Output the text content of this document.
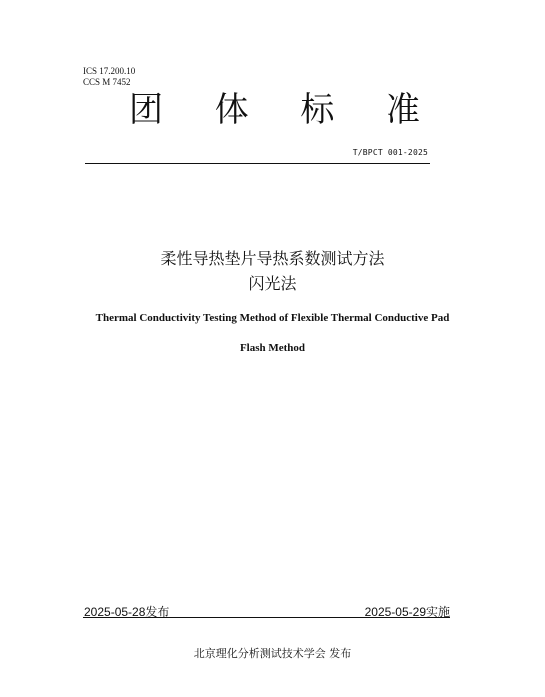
ICS 17.200.10
CCS M 7452
团 体 标 准
T/BPCT 001-2025
柔性导热垫片导热系数测试方法
闪光法
Thermal Conductivity Testing Method of Flexible Thermal Conductive Pad
Flash Method
2025-05-28发布	2025-05-29实施
北京理化分析测试技术学会 发布
